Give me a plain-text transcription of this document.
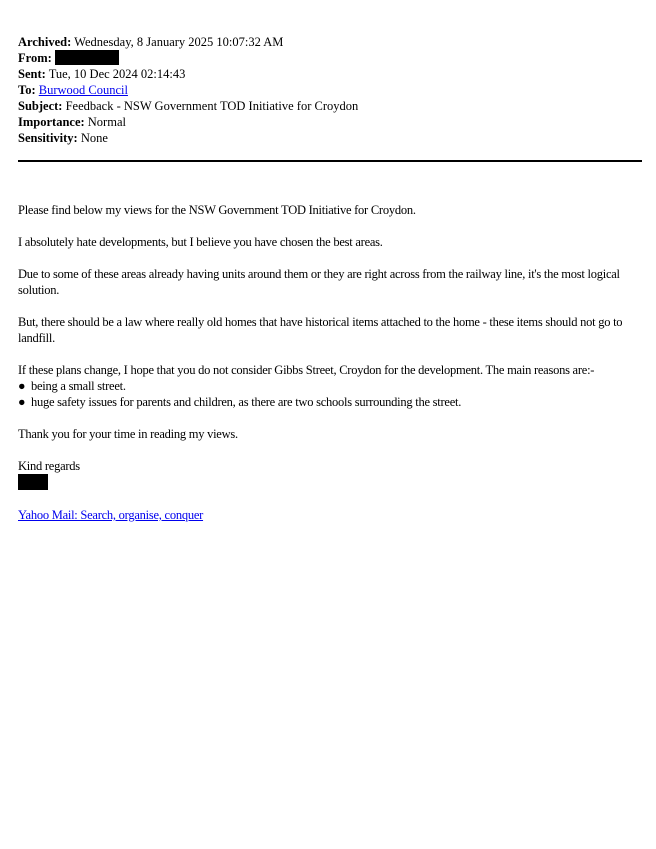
Archived: Wednesday, 8 January 2025 10:07:32 AM
From:
Sent: Tue, 10 Dec 2024 02:14:43
To: Burwood Council
Subject: Feedback - NSW Government TOD Initiative for Croydon
Importance: Normal
Sensitivity: None

Please find below my views for the NSW Government TOD Initiative for Croydon.

I absolutely hate developments, but I believe you have chosen the best areas.

Due to some of these areas already having units around them or they are right across from the railway line, it's the most logical solution.

But, there should be a law where really old homes that have historical items attached to the home - these items should not go to landfill.

If these plans change, I hope that you do not consider Gibbs Street, Croydon for the development. The main reasons are:-
● being a small street.
● huge safety issues for parents and children, as there are two schools surrounding the street.

Thank you for your time in reading my views.

Kind regards

Yahoo Mail: Search, organise, conquer
